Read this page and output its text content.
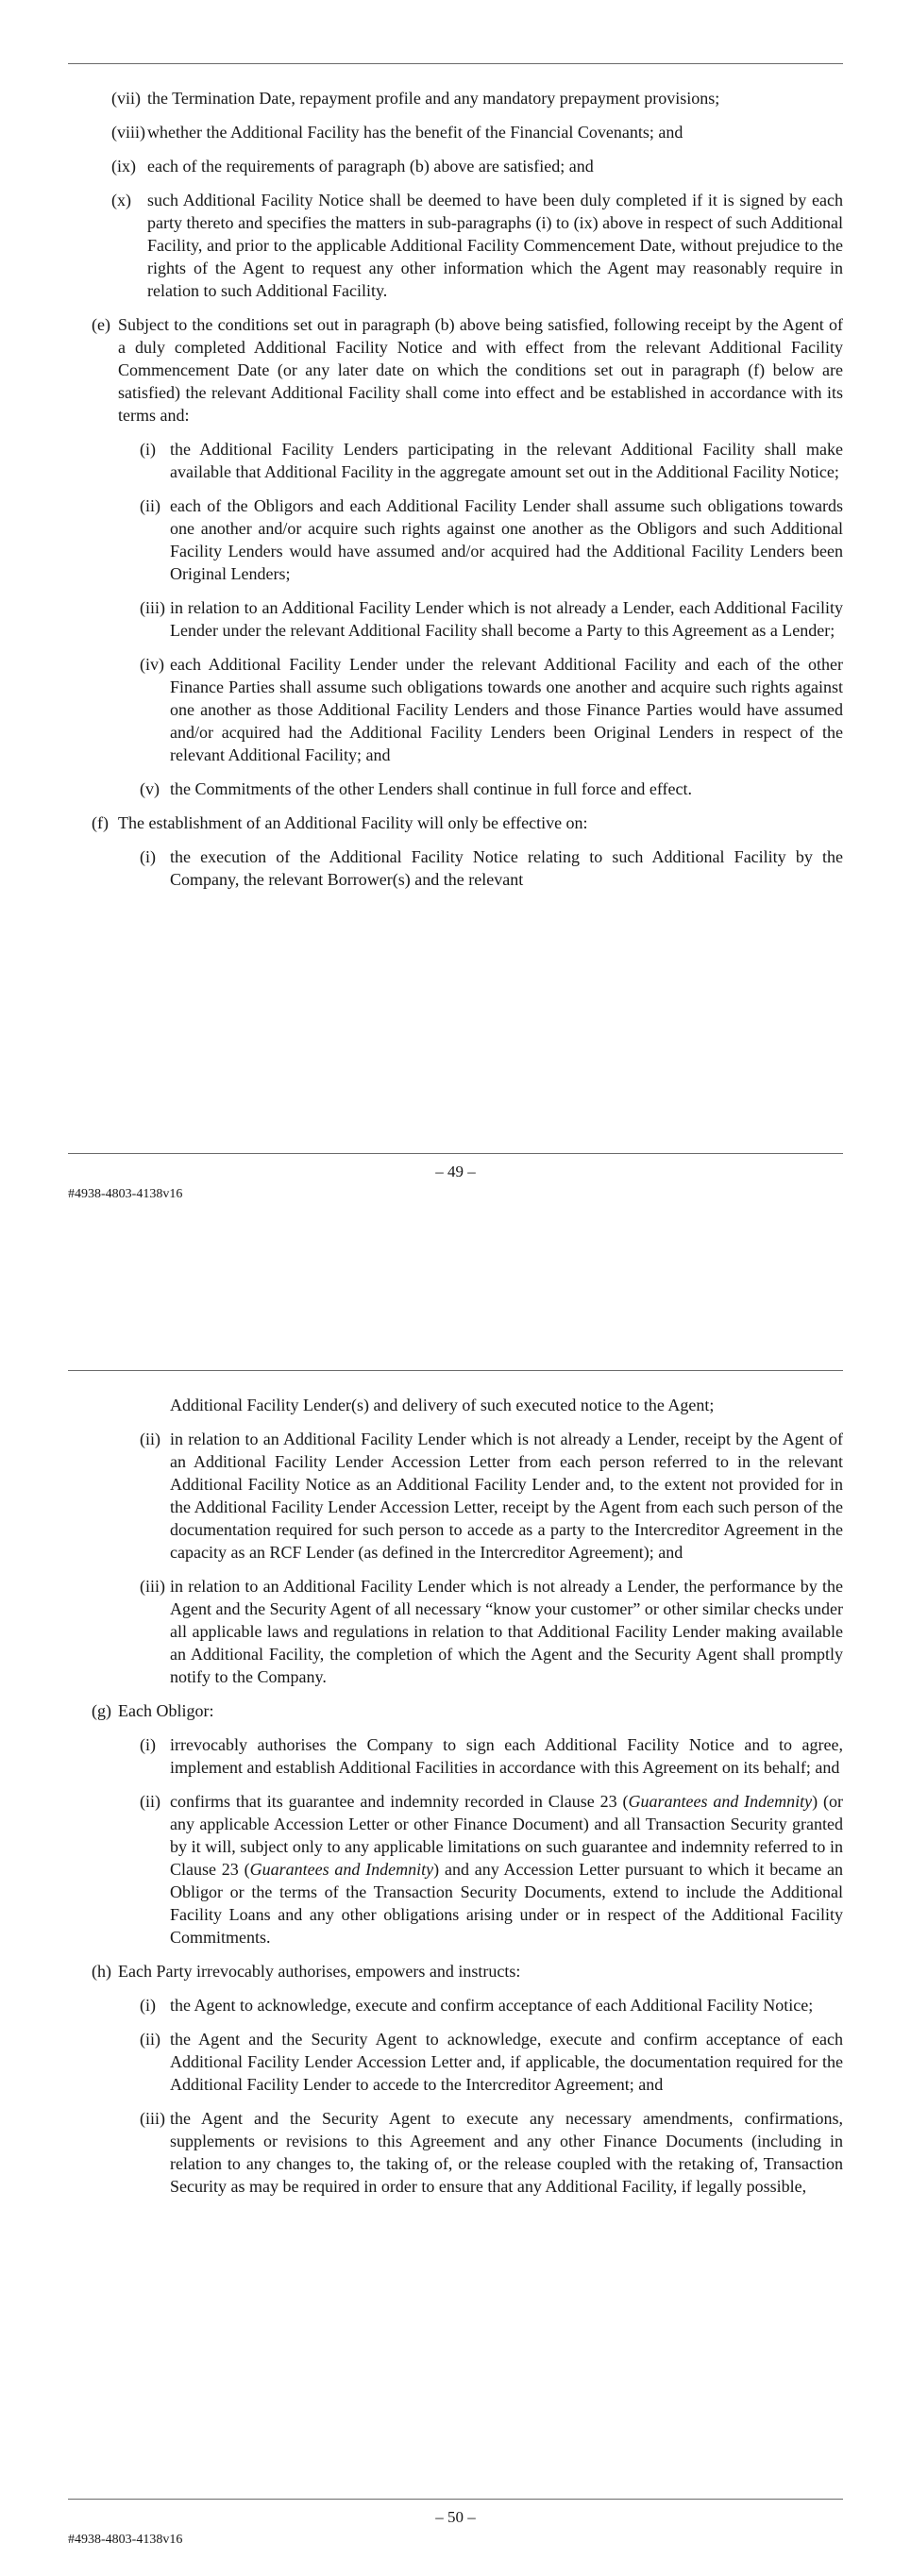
(vii) the Termination Date, repayment profile and any mandatory prepayment provisions;
(viii) whether the Additional Facility has the benefit of the Financial Covenants; and
(ix) each of the requirements of paragraph (b) above are satisfied; and
(x) such Additional Facility Notice shall be deemed to have been duly completed if it is signed by each party thereto and specifies the matters in sub-paragraphs (i) to (ix) above in respect of such Additional Facility, and prior to the applicable Additional Facility Commencement Date, without prejudice to the rights of the Agent to request any other information which the Agent may reasonably require in relation to such Additional Facility.
(e) Subject to the conditions set out in paragraph (b) above being satisfied, following receipt by the Agent of a duly completed Additional Facility Notice and with effect from the relevant Additional Facility Commencement Date (or any later date on which the conditions set out in paragraph (f) below are satisfied) the relevant Additional Facility shall come into effect and be established in accordance with its terms and:
(i) the Additional Facility Lenders participating in the relevant Additional Facility shall make available that Additional Facility in the aggregate amount set out in the Additional Facility Notice;
(ii) each of the Obligors and each Additional Facility Lender shall assume such obligations towards one another and/or acquire such rights against one another as the Obligors and such Additional Facility Lenders would have assumed and/or acquired had the Additional Facility Lenders been Original Lenders;
(iii) in relation to an Additional Facility Lender which is not already a Lender, each Additional Facility Lender under the relevant Additional Facility shall become a Party to this Agreement as a Lender;
(iv) each Additional Facility Lender under the relevant Additional Facility and each of the other Finance Parties shall assume such obligations towards one another and acquire such rights against one another as those Additional Facility Lenders and those Finance Parties would have assumed and/or acquired had the Additional Facility Lenders been Original Lenders in respect of the relevant Additional Facility; and
(v) the Commitments of the other Lenders shall continue in full force and effect.
(f) The establishment of an Additional Facility will only be effective on:
(i) the execution of the Additional Facility Notice relating to such Additional Facility by the Company, the relevant Borrower(s) and the relevant
– 49 –
#4938-4803-4138v16
Additional Facility Lender(s) and delivery of such executed notice to the Agent;
(ii) in relation to an Additional Facility Lender which is not already a Lender, receipt by the Agent of an Additional Facility Lender Accession Letter from each person referred to in the relevant Additional Facility Notice as an Additional Facility Lender and, to the extent not provided for in the Additional Facility Lender Accession Letter, receipt by the Agent from each such person of the documentation required for such person to accede as a party to the Intercreditor Agreement in the capacity as an RCF Lender (as defined in the Intercreditor Agreement); and
(iii) in relation to an Additional Facility Lender which is not already a Lender, the performance by the Agent and the Security Agent of all necessary “know your customer” or other similar checks under all applicable laws and regulations in relation to that Additional Facility Lender making available an Additional Facility, the completion of which the Agent and the Security Agent shall promptly notify to the Company.
(g) Each Obligor:
(i) irrevocably authorises the Company to sign each Additional Facility Notice and to agree, implement and establish Additional Facilities in accordance with this Agreement on its behalf; and
(ii) confirms that its guarantee and indemnity recorded in Clause 23 (Guarantees and Indemnity) (or any applicable Accession Letter or other Finance Document) and all Transaction Security granted by it will, subject only to any applicable limitations on such guarantee and indemnity referred to in Clause 23 (Guarantees and Indemnity) and any Accession Letter pursuant to which it became an Obligor or the terms of the Transaction Security Documents, extend to include the Additional Facility Loans and any other obligations arising under or in respect of the Additional Facility Commitments.
(h) Each Party irrevocably authorises, empowers and instructs:
(i) the Agent to acknowledge, execute and confirm acceptance of each Additional Facility Notice;
(ii) the Agent and the Security Agent to acknowledge, execute and confirm acceptance of each Additional Facility Lender Accession Letter and, if applicable, the documentation required for the Additional Facility Lender to accede to the Intercreditor Agreement; and
(iii) the Agent and the Security Agent to execute any necessary amendments, confirmations, supplements or revisions to this Agreement and any other Finance Documents (including in relation to any changes to, the taking of, or the release coupled with the retaking of, Transaction Security as may be required in order to ensure that any Additional Facility, if legally possible,
– 50 –
#4938-4803-4138v16
